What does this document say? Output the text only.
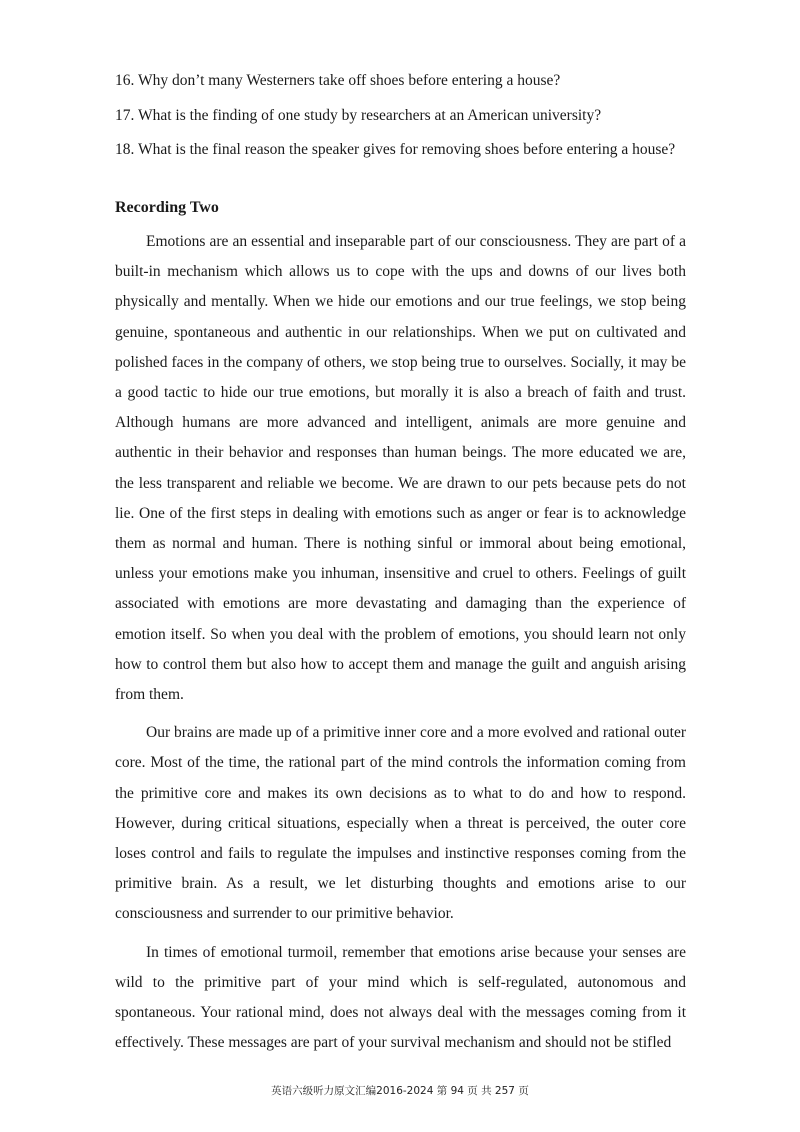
16. Why don’t many Westerners take off shoes before entering a house?
17. What is the finding of one study by researchers at an American university?
18. What is the final reason the speaker gives for removing shoes before entering a house?
Recording Two

Emotions are an essential and inseparable part of our consciousness. They are part of a built-in mechanism which allows us to cope with the ups and downs of our lives both physically and mentally. When we hide our emotions and our true feelings, we stop being genuine, spontaneous and authentic in our relationships. When we put on cultivated and polished faces in the company of others, we stop being true to ourselves. Socially, it may be a good tactic to hide our true emotions, but morally it is also a breach of faith and trust. Although humans are more advanced and intelligent, animals are more genuine and authentic in their behavior and responses than human beings. The more educated we are, the less transparent and reliable we become. We are drawn to our pets because pets do not lie. One of the first steps in dealing with emotions such as anger or fear is to acknowledge them as normal and human. There is nothing sinful or immoral about being emotional, unless your emotions make you inhuman, insensitive and cruel to others. Feelings of guilt associated with emotions are more devastating and damaging than the experience of emotion itself. So when you deal with the problem of emotions, you should learn not only how to control them but also how to accept them and manage the guilt and anguish arising from them.

Our brains are made up of a primitive inner core and a more evolved and rational outer core. Most of the time, the rational part of the mind controls the information coming from the primitive core and makes its own decisions as to what to do and how to respond. However, during critical situations, especially when a threat is perceived, the outer core loses control and fails to regulate the impulses and instinctive responses coming from the primitive brain. As a result, we let disturbing thoughts and emotions arise to our consciousness and surrender to our primitive behavior.

In times of emotional turmoil, remember that emotions arise because your senses are wild to the primitive part of your mind which is self-regulated, autonomous and spontaneous. Your rational mind, does not always deal with the messages coming from it effectively. These messages are part of your survival mechanism and should not be stifled

英语六级听力原文汇编2016-2024 第 94 页 共 257 页
